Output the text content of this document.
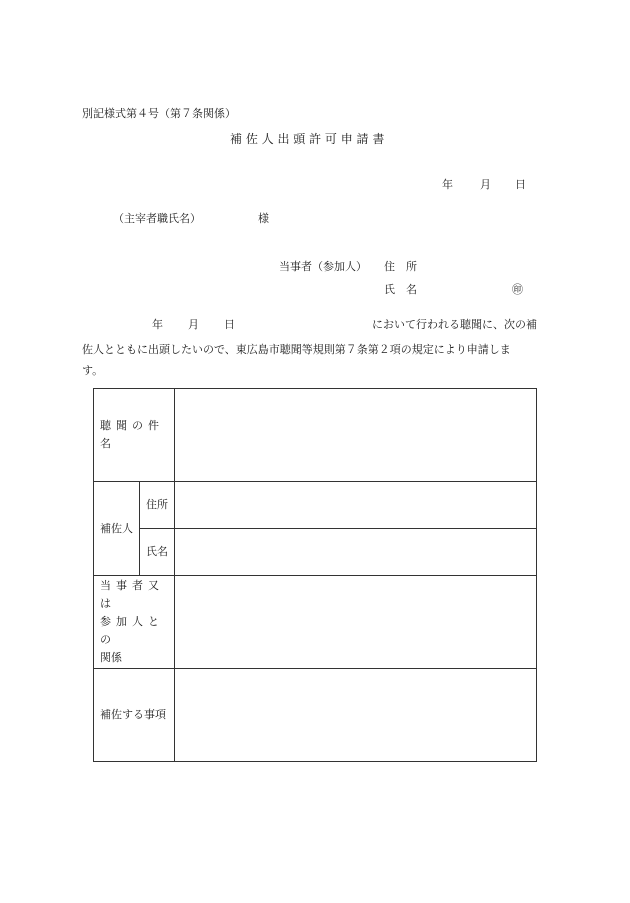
別記様式第４号（第７条関係）
補 佐 人 出 頭 許 可 申 請 書
年 月 日
（主宰者職氏名）	様
当事者（参加人） 住　所
氏　名	㊞
年 月 日	において行われる聴聞に、次の補
佐人とともに出頭したいので、東広島市聴聞等規則第７条第２項の規定により申請しま
す。
聴聞の件名		
補佐人	住所	
	氏名	

当事者又は
参加人との
関係		

補佐する事項		
